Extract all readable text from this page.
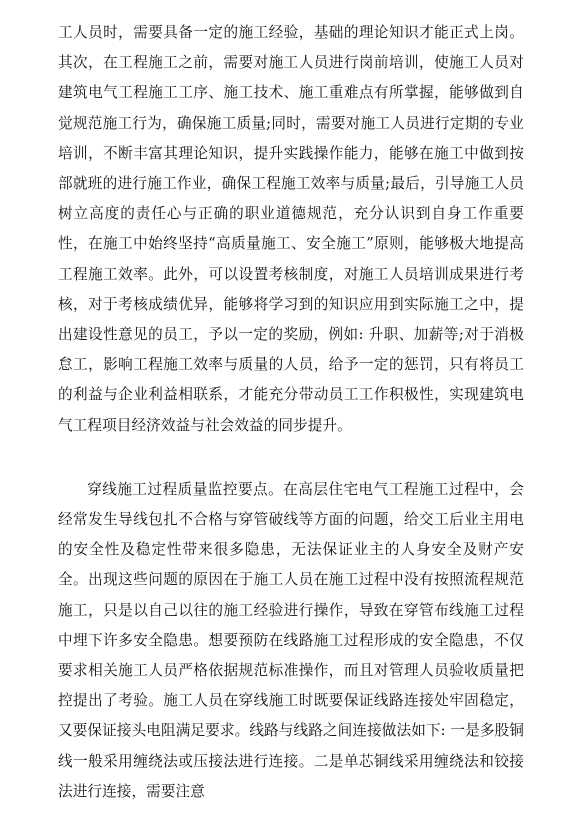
工人员时，需要具备一定的施工经验，基础的理论知识才能正式上岗。其次，在工程施工之前，需要对施工人员进行岗前培训，使施工人员对建筑电气工程施工工序、施工技术、施工重难点有所掌握，能够做到自觉规范施工行为，确保施工质量;同时，需要对施工人员进行定期的专业培训，不断丰富其理论知识，提升实践操作能力，能够在施工中做到按部就班的进行施工作业，确保工程施工效率与质量;最后，引导施工人员树立高度的责任心与正确的职业道德规范，充分认识到自身工作重要性，在施工中始终坚持“高质量施工、安全施工”原则，能够极大地提高工程施工效率。此外，可以设置考核制度，对施工人员培训成果进行考核，对于考核成绩优异，能够将学习到的知识应用到实际施工之中，提出建设性意见的员工，予以一定的奖励，例如: 升职、加薪等;对于消极怠工，影响工程施工效率与质量的人员，给予一定的惩罚，只有将员工的利益与企业利益相联系，才能充分带动员工工作积极性，实现建筑电气工程项目经济效益与社会效益的同步提升。

穿线施工过程质量监控要点。在高层住宅电气工程施工过程中，会经常发生导线包扎不合格与穿管破线等方面的问题，给交工后业主用电的安全性及稳定性带来很多隐患，无法保证业主的人身安全及财产安全。出现这些问题的原因在于施工人员在施工过程中没有按照流程规范施工，只是以自己以往的施工经验进行操作，导致在穿管布线施工过程中埋下许多安全隐患。想要预防在线路施工过程形成的安全隐患，不仅要求相关施工人员严格依据规范标准操作，而且对管理人员验收质量把控提出了考验。施工人员在穿线施工时既要保证线路连接处牢固稳定，又要保证接头电阻满足要求。线路与线路之间连接做法如下: 一是多股铜线一般采用缠绕法或压接法进行连接。二是单芯铜线采用缠绕法和铰接法进行连接，需要注意
